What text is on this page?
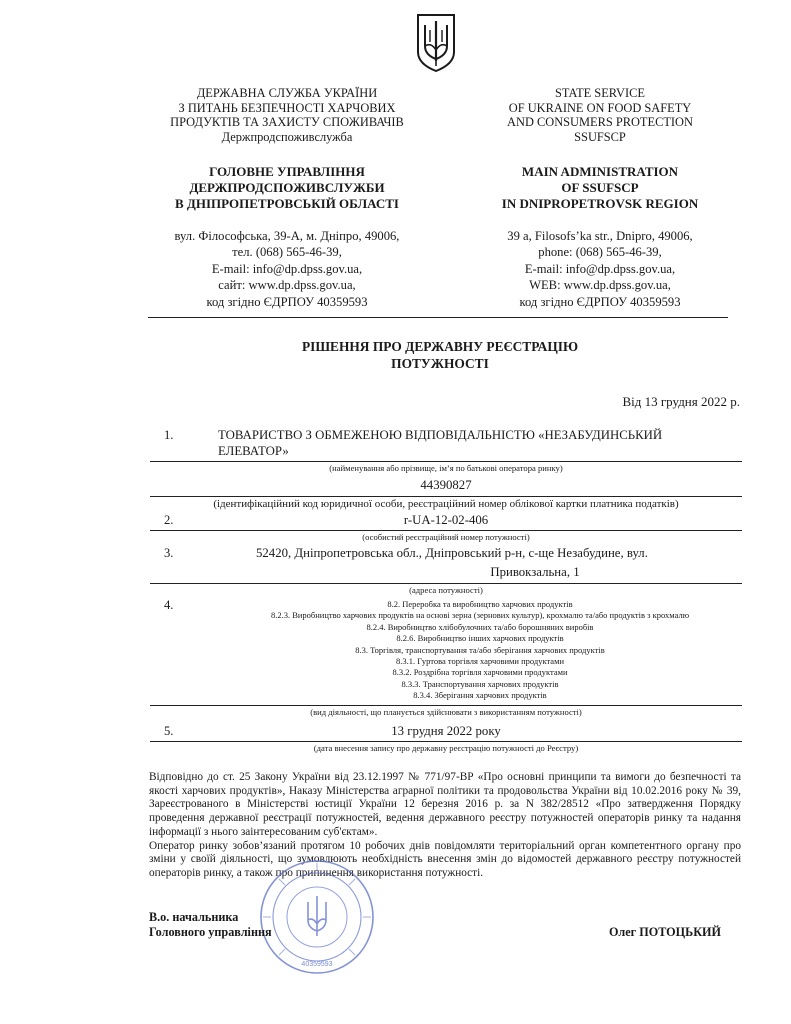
ДЕРЖАВНА СЛУЖБА УКРАЇНИ
З ПИТАНЬ БЕЗПЕЧНОСТІ ХАРЧОВИХ
ПРОДУКТІВ ТА ЗАХИСТУ СПОЖИВАЧІВ
Держпродспоживслужба
ГОЛОВНЕ УПРАВЛІННЯ
ДЕРЖПРОДСПОЖИВСЛУЖБИ
В ДНІПРОПЕТРОВСЬКІЙ ОБЛАСТІ
вул. Філософська, 39-А, м. Дніпро, 49006,
тел. (068) 565-46-39,
E-mail: info@dp.dpss.gov.ua,
сайт: www.dp.dpss.gov.ua,
код згідно ЄДРПОУ 40359593
STATE SERVICE
OF UKRAINE ON FOOD SAFETY
AND CONSUMERS PROTECTION
SSUFSCP
MAIN ADMINISTRATION
OF SSUFSCP
IN DNIPROPETROVSK REGION
39 a, Filosofs’ka str., Dnipro, 49006,
phone: (068) 565-46-39,
E-mail: info@dp.dpss.gov.ua,
WEB: www.dp.dpss.gov.ua,
код згідно ЄДРПОУ 40359593
РІШЕННЯ ПРО ДЕРЖАВНУ РЕЄСТРАЦІЮ
ПОТУЖНОСТІ
Від 13 грудня 2022 р.
1.	ТОВАРИСТВО З ОБМЕЖЕНОЮ ВІДПОВІДАЛЬНІСТЮ «НЕЗАБУДИНСЬКИЙ
ЕЛЕВАТОР»
(найменування або прізвище, ім’я по батькові оператора ринку)
44390827
(ідентифікаційний код юридичної особи, реєстраційний номер облікової картки платника податків)
2.	r-UA-12-02-406
(особистий реєстраційний номер потужності)
3.	52420, Дніпропетровська обл., Дніпровський р-н, с-ще Незабудине, вул.
Привокзальна, 1
(адреса потужності)
4.	8.2. Переробка та виробництво харчових продуктів
8.2.3. Виробництво харчових продуктів на основі зерна (зернових культур), крохмалю та/або продуктів з крохмалю
8.2.4. Виробництво хлібобулочних та/або борошняних виробів
8.2.6. Виробництво інших харчових продуктів
8.3. Торгівля, транспортування та/або зберігання харчових продуктів
8.3.1. Гуртова торгівля харчовими продуктами
8.3.2. Роздрібна торгівля харчовими продуктами
8.3.3. Транспортування харчових продуктів
8.3.4. Зберігання харчових продуктів
(вид діяльності, що планується здійснювати з використанням потужності)
5.	13 грудня 2022 року
(дата внесення запису про державну реєстрацію потужності до Реєстру)

Відповідно до ст. 25 Закону України від 23.12.1997 № 771/97-ВР «Про основні принципи та вимоги до безпечності та якості харчових продуктів», Наказу Міністерства аграрної політики та продовольства України від 10.02.2016 року № 39, Зареєстрованого в Міністерстві юстиції України 12 березня 2016 р. за N 382/28512 «Про затвердження Порядку проведення державної реєстрації потужностей, ведення державного реєстру потужностей операторів ринку та надання інформації з нього заінтересованим суб'єктам».

Оператор ринку зобов’язаний протягом 10 робочих днів повідомляти територіальний орган компетентного органу про зміни у своїй діяльності, що зумовлюють необхідність внесення змін до відомостей державного реєстру потужностей операторів ринку, а також про припинення використання потужності.

40359593
В.о. начальника
Головного управління	Олег ПОТОЦЬКИЙ
